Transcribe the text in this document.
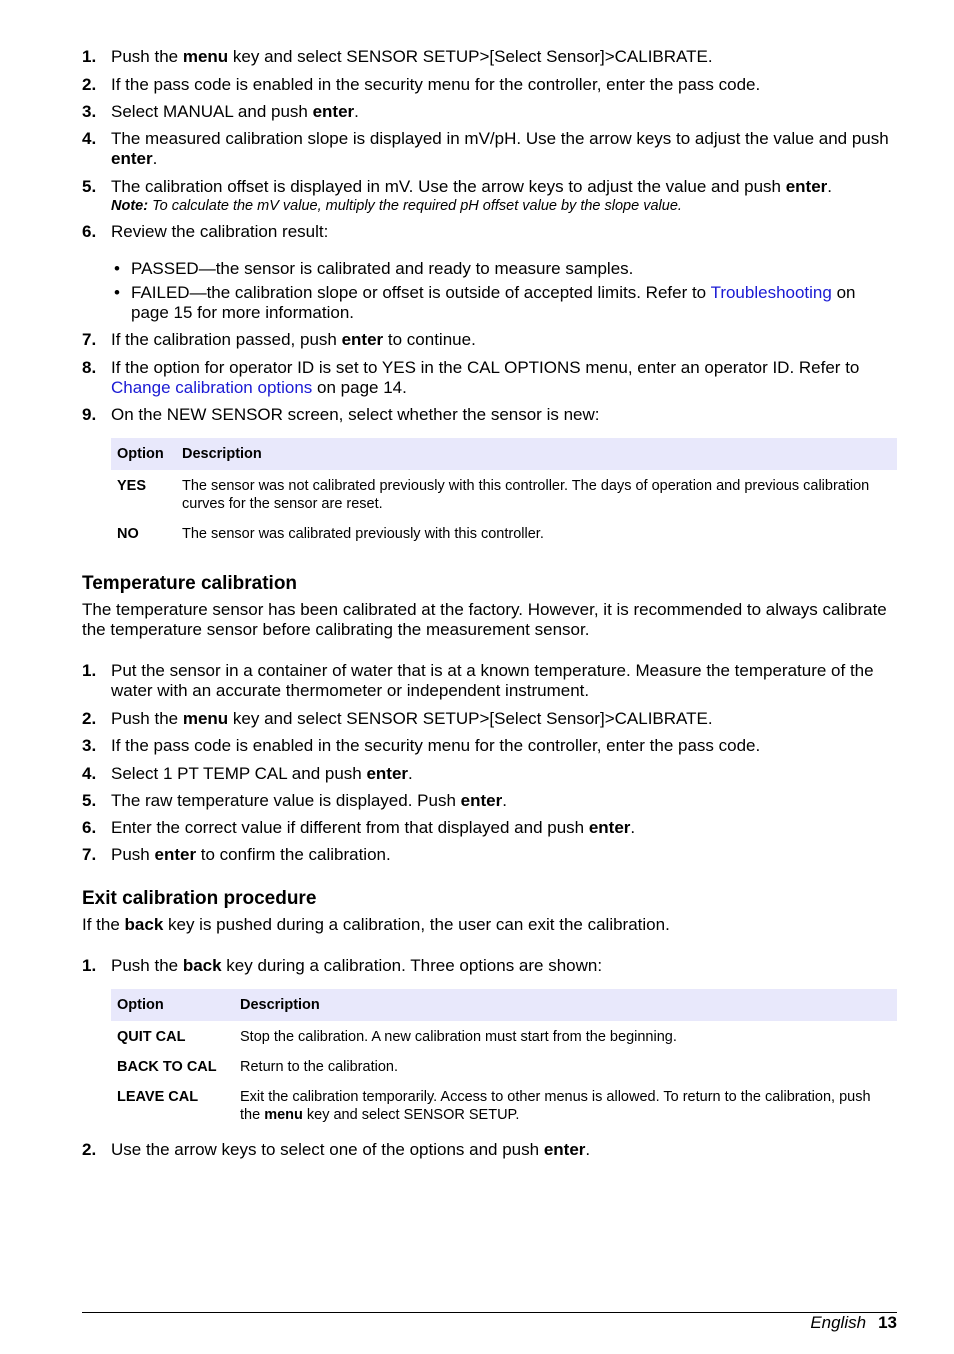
1. Push the menu key and select SENSOR SETUP>[Select Sensor]>CALIBRATE.
2. If the pass code is enabled in the security menu for the controller, enter the pass code.
3. Select MANUAL and push enter.
4. The measured calibration slope is displayed in mV/pH. Use the arrow keys to adjust the value and push enter.
5. The calibration offset is displayed in mV. Use the arrow keys to adjust the value and push enter.
Note: To calculate the mV value, multiply the required pH offset value by the slope value.
6. Review the calibration result:
• PASSED—the sensor is calibrated and ready to measure samples.
• FAILED—the calibration slope or offset is outside of accepted limits. Refer to Troubleshooting on page 15 for more information.
7. If the calibration passed, push enter to continue.
8. If the option for operator ID is set to YES in the CAL OPTIONS menu, enter an operator ID. Refer to Change calibration options on page 14.
9. On the NEW SENSOR screen, select whether the sensor is new:
Option	Description
YES	The sensor was not calibrated previously with this controller. The days of operation and previous calibration curves for the sensor are reset.
NO	The sensor was calibrated previously with this controller.
Temperature calibration
The temperature sensor has been calibrated at the factory. However, it is recommended to always calibrate the temperature sensor before calibrating the measurement sensor.
1. Put the sensor in a container of water that is at a known temperature. Measure the temperature of the water with an accurate thermometer or independent instrument.
2. Push the menu key and select SENSOR SETUP>[Select Sensor]>CALIBRATE.
3. If the pass code is enabled in the security menu for the controller, enter the pass code.
4. Select 1 PT TEMP CAL and push enter.
5. The raw temperature value is displayed. Push enter.
6. Enter the correct value if different from that displayed and push enter.
7. Push enter to confirm the calibration.
Exit calibration procedure
If the back key is pushed during a calibration, the user can exit the calibration.
1. Push the back key during a calibration. Three options are shown:
Option	Description
QUIT CAL	Stop the calibration. A new calibration must start from the beginning.
BACK TO CAL	Return to the calibration.
LEAVE CAL	Exit the calibration temporarily. Access to other menus is allowed. To return to the calibration, push the menu key and select SENSOR SETUP.
2. Use the arrow keys to select one of the options and push enter.
English 13
